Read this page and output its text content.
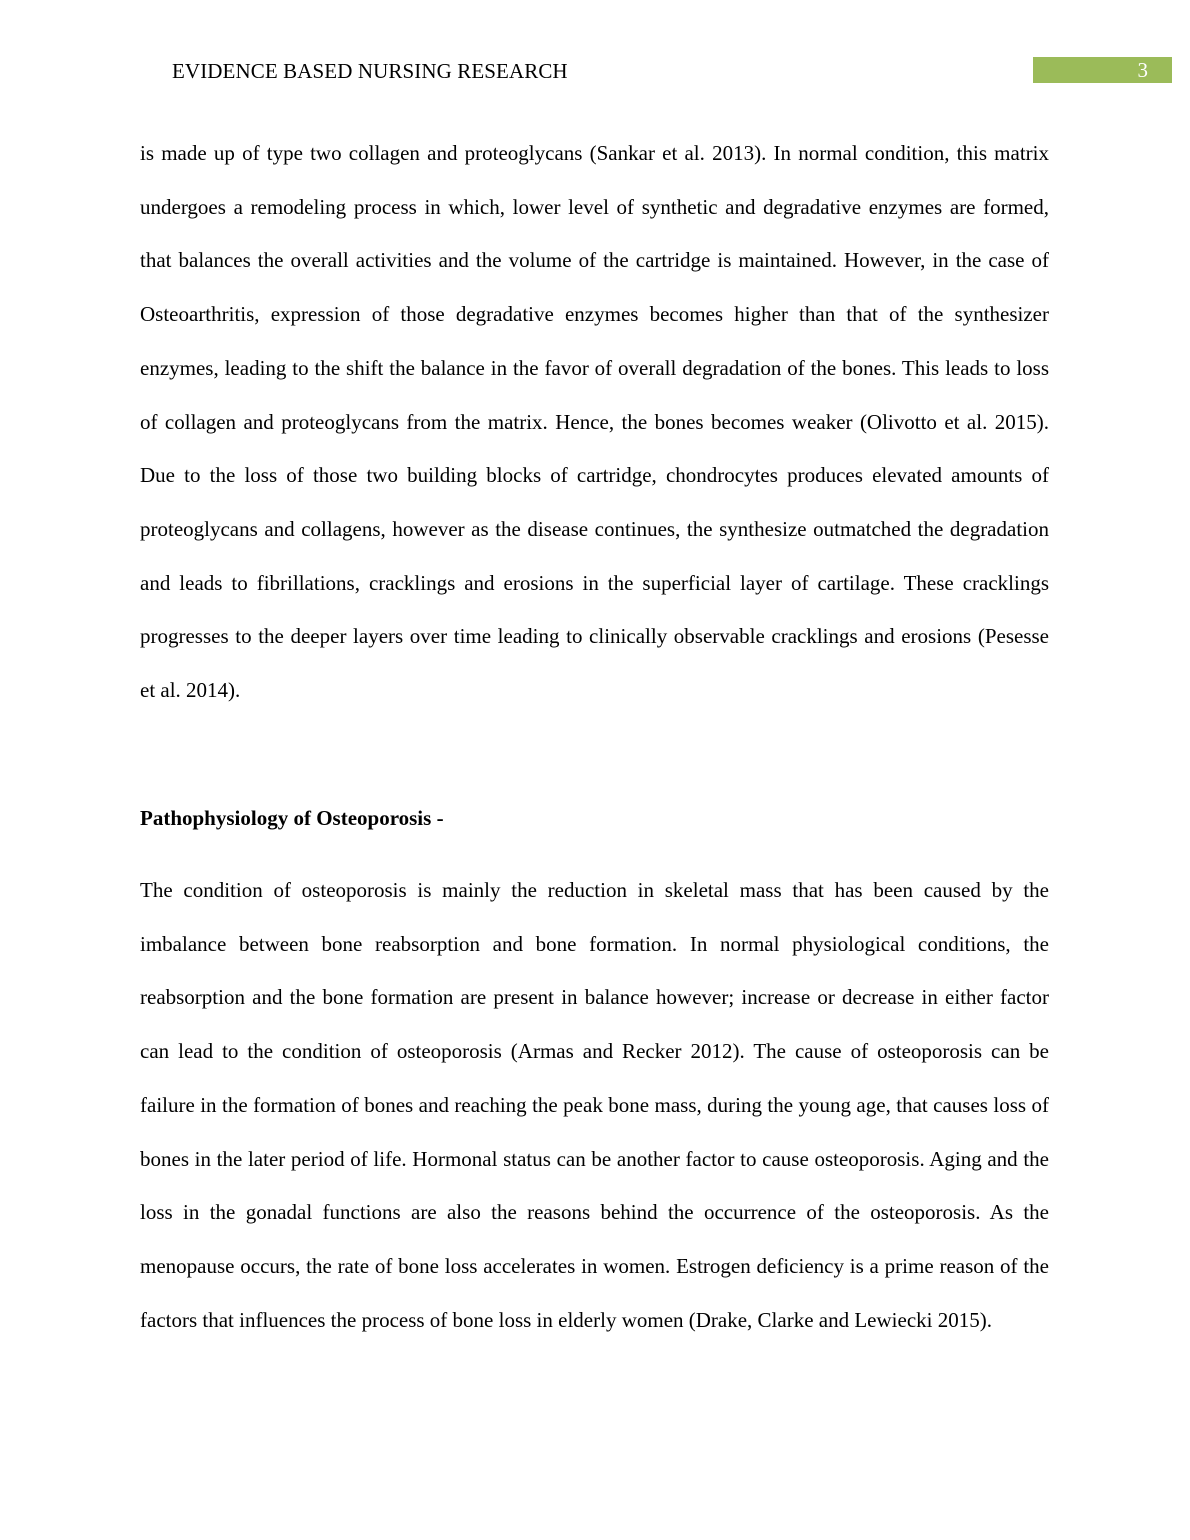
EVIDENCE BASED NURSING RESEARCH	3

is made up of type two collagen and proteoglycans (Sankar et al. 2013). In normal condition, this matrix undergoes a remodeling process in which, lower level of synthetic and degradative enzymes are formed, that balances the overall activities and the volume of the cartridge is maintained. However, in the case of Osteoarthritis, expression of those degradative enzymes becomes higher than that of the synthesizer enzymes, leading to the shift the balance in the favor of overall degradation of the bones. This leads to loss of collagen and proteoglycans from the matrix. Hence, the bones becomes weaker (Olivotto et al. 2015). Due to the loss of those two building blocks of cartridge, chondrocytes produces elevated amounts of proteoglycans and collagens, however as the disease continues, the synthesize outmatched the degradation and leads to fibrillations, cracklings and erosions in the superficial layer of cartilage. These cracklings progresses to the deeper layers over time leading to clinically observable cracklings and erosions (Pesesse et al. 2014).

Pathophysiology of Osteoporosis -

The condition of osteoporosis is mainly the reduction in skeletal mass that has been caused by the imbalance between bone reabsorption and bone formation. In normal physiological conditions, the reabsorption and the bone formation are present in balance however; increase or decrease in either factor can lead to the condition of osteoporosis (Armas and Recker 2012). The cause of osteoporosis can be failure in the formation of bones and reaching the peak bone mass, during the young age, that causes loss of bones in the later period of life. Hormonal status can be another factor to cause osteoporosis. Aging and the loss in the gonadal functions are also the reasons behind the occurrence of the osteoporosis. As the menopause occurs, the rate of bone loss accelerates in women. Estrogen deficiency is a prime reason of the factors that influences the process of bone loss in elderly women (Drake, Clarke and Lewiecki 2015).
